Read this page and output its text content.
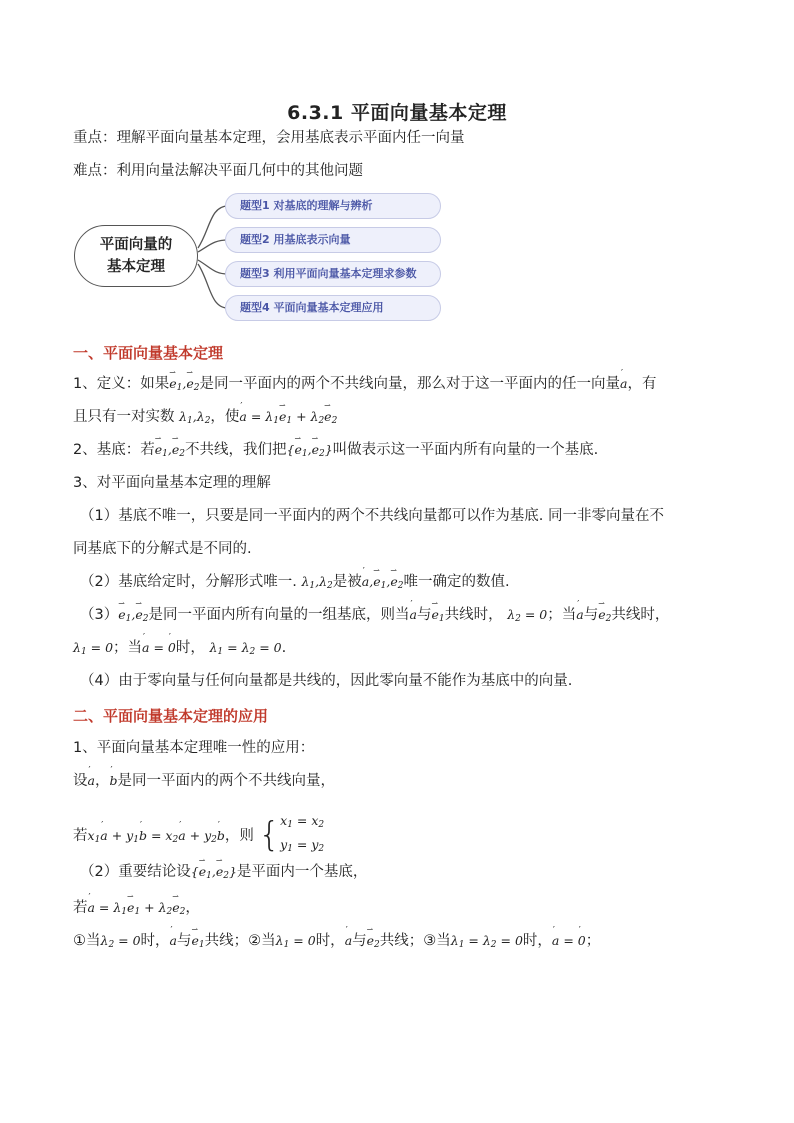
6.3.1 平面向量基本定理
重点：理解平面向量基本定理，会用基底表示平面内任一向量
难点：利用向量法解决平面几何中的其他问题
平面向量的
基本定理
题型1 对基底的理解与辨析
题型2 用基底表示向量
题型3 利用平面向量基本定理求参数
题型4 平面向量基本定理应用
一、平面向量基本定理
1、定义：如果⇀ $e_1,⇀$ $e_2$是同一平面内的两个不共线向量，那么对于这一平面内的任一向量′ a，有
且只有一对实数 $\lambda_1,\lambda_2$，使′ $a = \lambda_1⇀$ $e_1$ + $\lambda_2⇀$ $e_2$
2、基底：若⇀ $e_1,⇀$ $e_2$不共线，我们把{⇀ $e_1,⇀$ $e_2$}叫做表示这一平面内所有向量的一个基底.
3、对平面向量基本定理的理解
（1）基底不唯一，只要是同一平面内的两个不共线向量都可以作为基底. 同一非零向量在不
同基底下的分解式是不同的.
（2）基底给定时，分解形式唯一. $\lambda_1,\lambda_2$是被′ a,⇀ $e_1,⇀$ $e_2$唯一确定的数值.
（3）⇀ $e_1,⇀$ $e_2$是同一平面内所有向量的一组基底，则当′ a与⇀ $e_1$共线时， $\lambda_2 = 0$；当′ a与⇀ $e_2$共线时，
$\lambda_1 = 0$；当′ a = ′ 0时， $\lambda_1 = \lambda_2 = 0$.
（4）由于零向量与任何向量都是共线的，因此零向量不能作为基底中的向量.
二、平面向量基本定理的应用
1、平面向量基本定理唯一性的应用：
设′ a，′ b是同一平面内的两个不共线向量，
若$x_1'$ $a + y_1'$ $b = x_2'$ $a + y_2'$ b，则 {$x_1 = x_2$
$y_1 = y_2$
（2）重要结论设{⇀ $e_1,⇀$ $e_2$}是平面内一个基底，
若′ $a = \lambda_1⇀$ $e_1$ + $\lambda_2⇀$ $e_2$，
①当$\lambda_2 = 0$时，′ a与⇀ $e_1$共线；②当$\lambda_1 = 0$时，′ a与⇀ $e_2$共线；③当$\lambda_1 = \lambda_2 = 0$时，′ a = ′ 0；
